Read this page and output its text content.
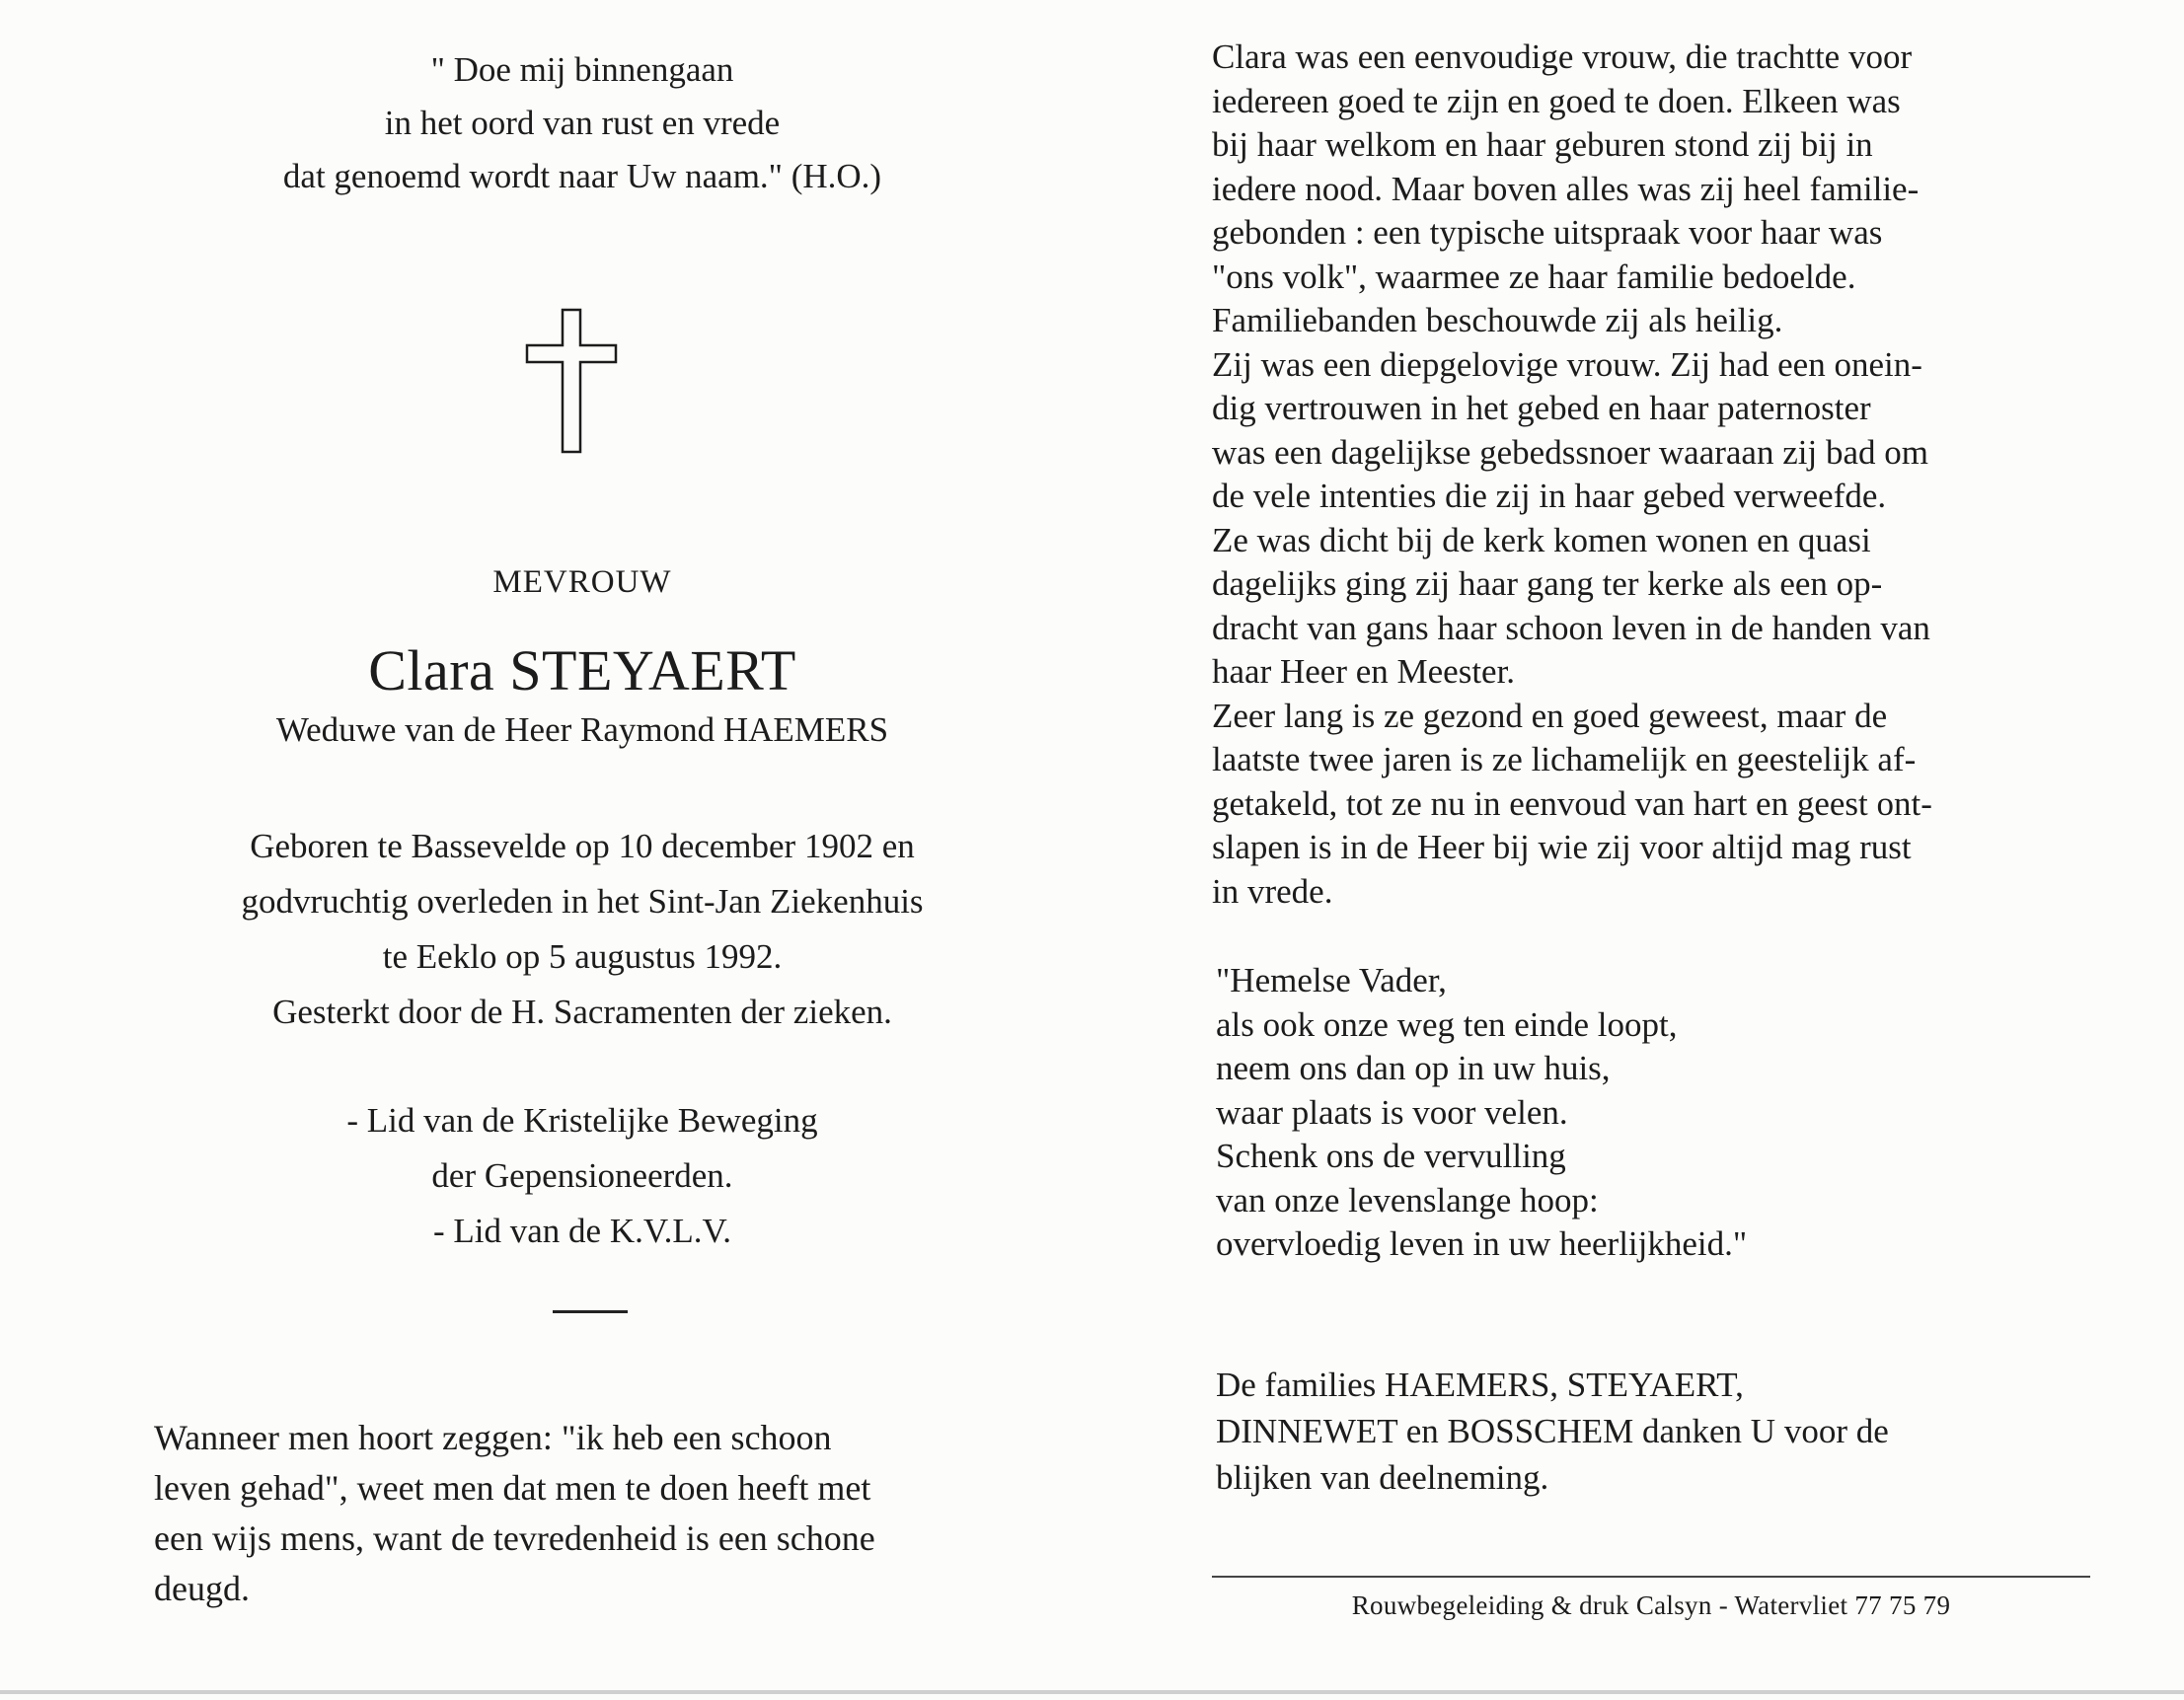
" Doe mij binnengaan
in het oord van rust en vrede
dat genoemd wordt naar Uw naam." (H.O.)
MEVROUW
Clara STEYAERT
Weduwe van de Heer Raymond HAEMERS
Geboren te Bassevelde op 10 december 1902 en
godvruchtig overleden in het Sint-Jan Ziekenhuis
te Eeklo op 5 augustus 1992.
Gesterkt door de H. Sacramenten der zieken.
- Lid van de Kristelijke Beweging
der Gepensioneerden.
- Lid van de K.V.L.V.
Wanneer men hoort zeggen: "ik heb een schoon
leven gehad", weet men dat men te doen heeft met
een wijs mens, want de tevredenheid is een schone
deugd.
Clara was een eenvoudige vrouw, die trachtte voor
iedereen goed te zijn en goed te doen. Elkeen was
bij haar welkom en haar geburen stond zij bij in
iedere nood. Maar boven alles was zij heel familie-
gebonden : een typische uitspraak voor haar was
"ons volk", waarmee ze haar familie bedoelde.
Familiebanden beschouwde zij als heilig.
Zij was een diepgelovige vrouw. Zij had een onein-
dig vertrouwen in het gebed en haar paternoster
was een dagelijkse gebedssnoer waaraan zij bad om
de vele intenties die zij in haar gebed verweefde.
Ze was dicht bij de kerk komen wonen en quasi
dagelijks ging zij haar gang ter kerke als een op-
dracht van gans haar schoon leven in de handen van
haar Heer en Meester.
Zeer lang is ze gezond en goed geweest, maar de
laatste twee jaren is ze lichamelijk en geestelijk af-
getakeld, tot ze nu in eenvoud van hart en geest ont-
slapen is in de Heer bij wie zij voor altijd mag rust
in vrede.
"Hemelse Vader,
als ook onze weg ten einde loopt,
neem ons dan op in uw huis,
waar plaats is voor velen.
Schenk ons de vervulling
van onze levenslange hoop:
overvloedig leven in uw heerlijkheid."
De families HAEMERS, STEYAERT,
DINNEWET en BOSSCHEM danken U voor de
blijken van deelneming.
Rouwbegeleiding & druk Calsyn - Watervliet 77 75 79
